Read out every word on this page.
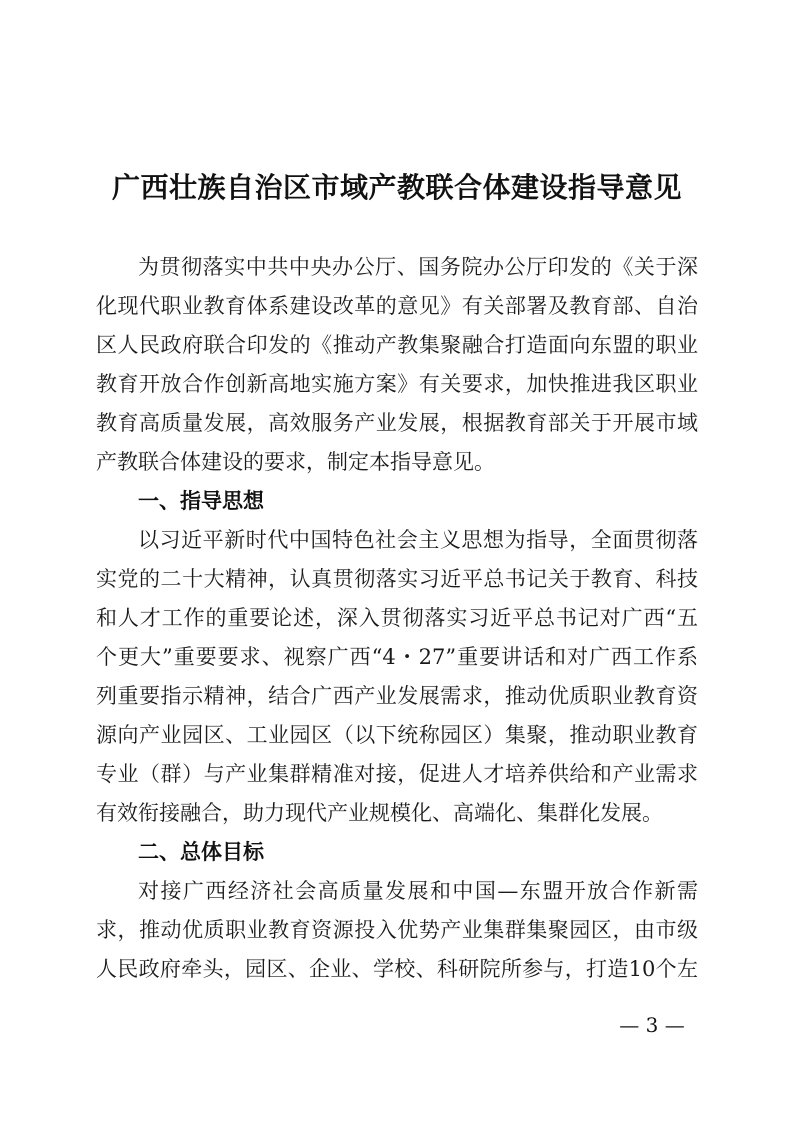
广西壮族自治区市域产教联合体建设指导意见
为贯彻落实中共中央办公厅、国务院办公厅印发的《关于深
化现代职业教育体系建设改革的意见》有关部署及教育部、自治
区人民政府联合印发的《推动产教集聚融合打造面向东盟的职业
教育开放合作创新高地实施方案》有关要求，加快推进我区职业
教育高质量发展，高效服务产业发展，根据教育部关于开展市域
产教联合体建设的要求，制定本指导意见。
一、指导思想
以习近平新时代中国特色社会主义思想为指导，全面贯彻落
实党的二十大精神，认真贯彻落实习近平总书记关于教育、科技
和人才工作的重要论述，深入贯彻落实习近平总书记对广西“五
个更大”重要要求、视察广西“4・27”重要讲话和对广西工作系
列重要指示精神，结合广西产业发展需求，推动优质职业教育资
源向产业园区、工业园区（以下统称园区）集聚，推动职业教育
专业（群）与产业集群精准对接，促进人才培养供给和产业需求
有效衔接融合，助力现代产业规模化、高端化、集群化发展。
二、总体目标
对接广西经济社会高质量发展和中国—东盟开放合作新需
求，推动优质职业教育资源投入优势产业集群集聚园区，由市级
人民政府牵头，园区、企业、学校、科研院所参与，打造10个左
— 3 —
